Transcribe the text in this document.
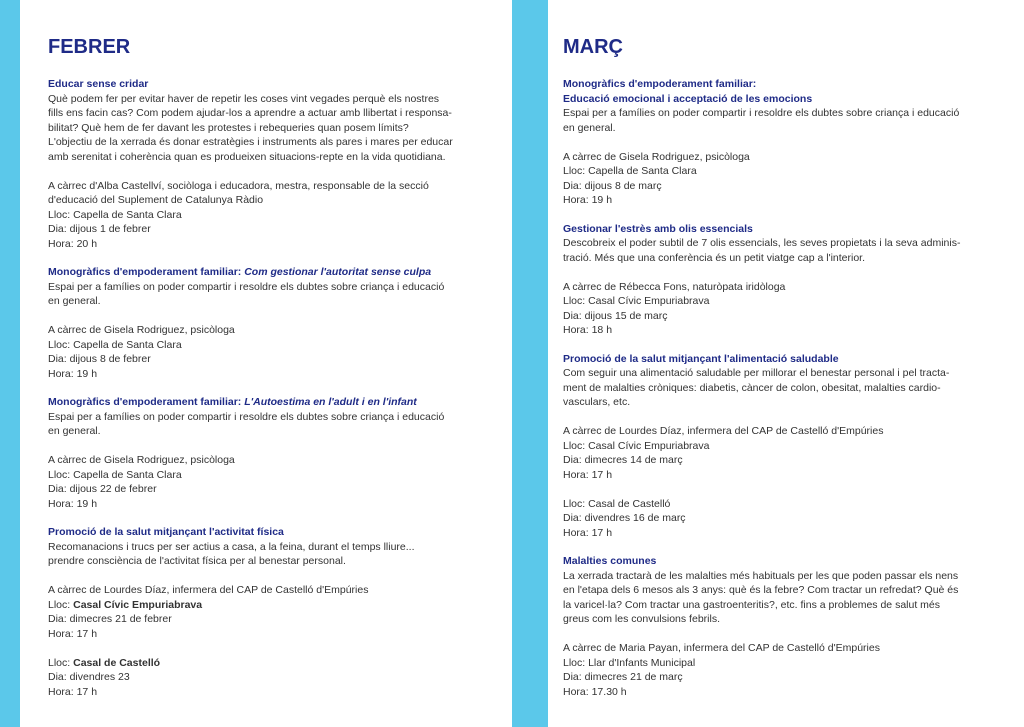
FEBRER
Educar sense cridar
Què podem fer per evitar haver de repetir les coses vint vegades perquè els nostres
fills ens facin cas? Com podem ajudar-los a aprendre a actuar amb llibertat i responsa-
bilitat? Què hem de fer davant les protestes i rebequeries quan posem límits?
L'objectiu de la xerrada és donar estratègies i instruments als pares i mares per educar
amb serenitat i coherència quan es produeixen situacions-repte en la vida quotidiana.
A càrrec d'Alba Castellví, sociòloga i educadora, mestra, responsable de la secció
d'educació del Suplement de Catalunya Ràdio
Lloc: Capella de Santa Clara
Dia: dijous 1 de febrer
Hora: 20 h
Monogràfics d'empoderament familiar: Com gestionar l'autoritat sense culpa
Espai per a famílies on poder compartir i resoldre els dubtes sobre criança i educació
en general.
A càrrec de Gisela Rodriguez, psicòloga
Lloc: Capella de Santa Clara
Dia: dijous 8 de febrer
Hora: 19 h
Monogràfics d'empoderament familiar: L'Autoestima en l'adult i en l'infant
Espai per a famílies on poder compartir i resoldre els dubtes sobre criança i educació
en general.
A càrrec de Gisela Rodriguez, psicòloga
Lloc: Capella de Santa Clara
Dia: dijous 22 de febrer
Hora: 19 h
Promoció de la salut mitjançant l'activitat física
Recomanacions i trucs per ser actius a casa, a la feina, durant el temps lliure...
prendre consciència de l'activitat física per al benestar personal.
A càrrec de Lourdes Díaz, infermera del CAP de Castelló d'Empúries
Lloc: Casal Cívic Empuriabrava
Dia: dimecres 21 de febrer
Hora: 17 h
Lloc: Casal de Castelló
Dia: divendres 23
Hora: 17 h
MARÇ
Monogràfics d'empoderament familiar:
Educació emocional i acceptació de les emocions
Espai per a famílies on poder compartir i resoldre els dubtes sobre criança i educació
en general.
A càrrec de Gisela Rodriguez, psicòloga
Lloc: Capella de Santa Clara
Dia: dijous 8 de març
Hora: 19 h
Gestionar l'estrès amb olis essencials
Descobreix el poder subtil de 7 olis essencials, les seves propietats i la seva adminis-
tració. Més que una conferència és un petit viatge cap a l'interior.
A càrrec de Rébecca Fons, naturòpata iridòloga
Lloc: Casal Cívic Empuriabrava
Dia: dijous 15 de març
Hora: 18 h
Promoció de la salut mitjançant l'alimentació saludable
Com seguir una alimentació saludable per millorar el benestar personal i pel tracta-
ment de malalties cròniques: diabetis, càncer de colon, obesitat, malalties cardio-
vasculars, etc.
A càrrec de Lourdes Díaz, infermera del CAP de Castelló d'Empúries
Lloc: Casal Cívic Empuriabrava
Dia: dimecres 14 de març
Hora: 17 h
Lloc: Casal de Castelló
Dia: divendres 16 de març
Hora: 17 h
Malalties comunes
La xerrada tractarà de les malalties més habituals per les que poden passar els nens
en l'etapa dels 6 mesos als 3 anys: què és la febre? Com tractar un refredat? Què és
la varicel·la? Com tractar una gastroenteritis?, etc. fins a problemes de salut més
greus com les convulsions febrils.
A càrrec de Maria Payan, infermera del CAP de Castelló d'Empúries
Lloc: Llar d'Infants Municipal
Dia: dimecres 21 de març
Hora: 17.30 h
